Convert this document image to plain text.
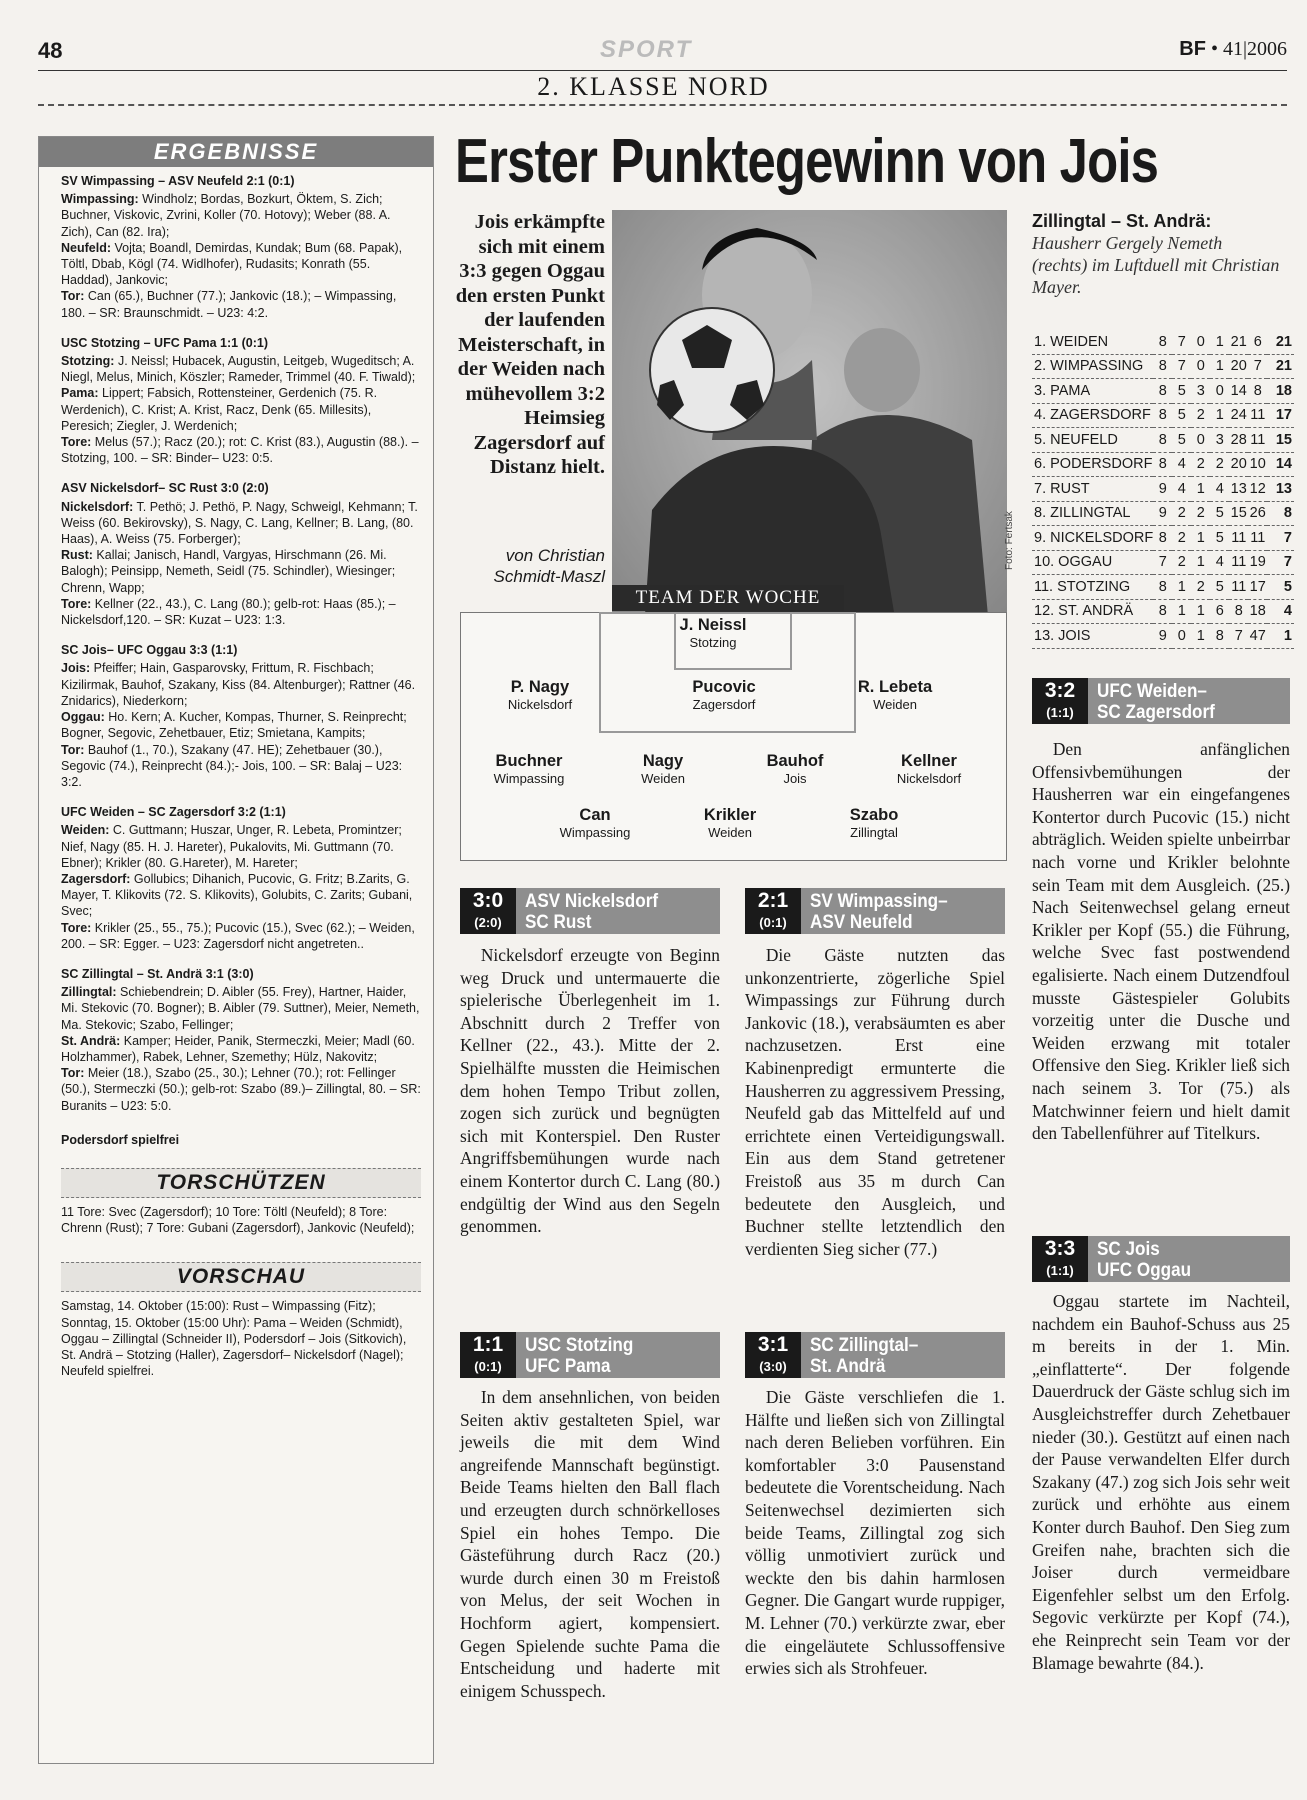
48	SPORT	BF • 41|2006
2. KLASSE NORD
ERGEBNISSE
SV Wimpassing – ASV Neufeld 2:1 (0:1)

Wimpassing: Windholz; Bordas, Bozkurt, Öktem, S. Zich; Buchner, Viskovic, Zvrini, Koller (70. Hotovy); Weber (88. A. Zich), Can (82. Ira);

Neufeld: Vojta; Boandl, Demirdas, Kundak; Bum (68. Papak), Töltl, Dbab, Kögl (74. Widlhofer), Rudasits; Konrath (55. Haddad), Jankovic;

Tor: Can (65.), Buchner (77.); Jankovic (18.); – Wimpassing, 180. – SR: Braunschmidt. – U23: 4:2.

USC Stotzing – UFC Pama 1:1 (0:1)

Stotzing: J. Neissl; Hubacek, Augustin, Leitgeb, Wugeditsch; A. Niegl, Melus, Minich, Köszler; Rameder, Trimmel (40. F. Tiwald);

Pama: Lippert; Fabsich, Rottensteiner, Gerdenich (75. R. Werdenich), C. Krist; A. Krist, Racz, Denk (65. Millesits), Peresich; Ziegler, J. Werdenich;

Tore: Melus (57.); Racz (20.); rot: C. Krist (83.), Augustin (88.). – Stotzing, 100. – SR: Binder– U23: 0:5.

ASV Nickelsdorf– SC Rust 3:0 (2:0)

Nickelsdorf: T. Pethö; J. Pethö, P. Nagy, Schweigl, Kehmann; T. Weiss (60. Bekirovsky), S. Nagy, C. Lang, Kellner; B. Lang, (80. Haas), A. Weiss (75. Forberger);

Rust: Kallai; Janisch, Handl, Vargyas, Hirschmann (26. Mi. Balogh); Peinsipp, Nemeth, Seidl (75. Schindler), Wiesinger; Chrenn, Wapp;

Tore: Kellner (22., 43.), C. Lang (80.); gelb-rot: Haas (85.); – Nickelsdorf,120. – SR: Kuzat – U23: 1:3.

SC Jois– UFC Oggau 3:3 (1:1)

Jois: Pfeiffer; Hain, Gasparovsky, Frittum, R. Fischbach; Kizilirmak, Bauhof, Szakany, Kiss (84. Altenburger); Rattner (46. Znidarics), Niederkorn;

Oggau: Ho. Kern; A. Kucher, Kompas, Thurner, S. Reinprecht; Bogner, Segovic, Zehetbauer, Etiz; Smietana, Kampits;

Tor: Bauhof (1., 70.), Szakany (47. HE); Zehetbauer (30.), Segovic (74.), Reinprecht (84.);- Jois, 100. – SR: Balaj – U23: 3:2.

UFC Weiden – SC Zagersdorf 3:2 (1:1)

Weiden: C. Guttmann; Huszar, Unger, R. Lebeta, Promintzer; Nief, Nagy (85. H. J. Hareter), Pukalovits, Mi. Guttmann (70. Ebner); Krikler (80. G.Hareter), M. Hareter;

Zagersdorf: Gollubics; Dihanich, Pucovic, G. Fritz; B.Zarits, G. Mayer, T. Klikovits (72. S. Klikovits), Golubits, C. Zarits; Gubani, Svec;

Tore: Krikler (25., 55., 75.); Pucovic (15.), Svec (62.); – Weiden, 200. – SR: Egger. – U23: Zagersdorf nicht angetreten..

SC Zillingtal – St. Andrä 3:1 (3:0)

Zillingtal: Schiebendrein; D. Aibler (55. Frey), Hartner, Haider, Mi. Stekovic (70. Bogner); B. Aibler (79. Suttner), Meier, Nemeth, Ma. Stekovic; Szabo, Fellinger;

St. Andrä: Kamper; Heider, Panik, Stermeczki, Meier; Madl (60. Holzhammer), Rabek, Lehner, Szemethy; Hülz, Nakovitz;

Tor: Meier (18.), Szabo (25., 30.); Lehner (70.); rot: Fellinger (50.), Stermeczki (50.); gelb-rot: Szabo (89.)– Zillingtal, 80. – SR: Buranits – U23: 5:0.

Podersdorf spielfrei
TORSCHÜTZEN
11 Tore: Svec (Zagersdorf); 10 Tore: Töltl (Neufeld); 8 Tore: Chrenn (Rust); 7 Tore: Gubani (Zagersdorf), Jankovic (Neufeld);
VORSCHAU
Samstag, 14. Oktober (15:00): Rust – Wimpassing (Fitz); Sonntag, 15. Oktober (15:00 Uhr): Pama – Weiden (Schmidt), Oggau – Zillingtal (Schneider II), Podersdorf – Jois (Sitkovich), St. Andrä – Stotzing (Haller), Zagersdorf– Nickelsdorf (Nagel); Neufeld spielfrei.
Erster Punktegewinn von Jois
Jois erkämpfte sich mit einem 3:3 gegen Oggau den ersten Punkt der laufenden Meisterschaft, in der Weiden nach mühevollem 3:2 Heimsieg Zagersdorf auf Distanz hielt.
von Christian Schmidt-Maszl
Foto: Fertsak
Zillingtal – St. Andrä: Hausherr Gergely Nemeth (rechts) im Luftduell mit Christian Mayer.
1. WEIDEN	8	7	0	1	21	6	21
2. WIMPASSING	8	7	0	1	20	7	21
3. PAMA	8	5	3	0	14	8	18
4. ZAGERSDORF	8	5	2	1	24	11	17
5. NEUFELD	8	5	0	3	28	11	15
6. PODERSDORF	8	4	2	2	20	10	14
7. RUST	9	4	1	4	13	12	13
8. ZILLINGTAL	9	2	2	5	15	26	8
9. NICKELSDORF	8	2	1	5	11	11	7
10. OGGAU	7	2	1	4	11	19	7
11. STOTZING	8	1	2	5	11	17	5
12. ST. ANDRÄ	8	1	1	6	8	18	4
13. JOIS	9	0	1	8	7	47	1
TEAM DER WOCHE
J. Neissl
Stotzing
P. Nagy
Nickelsdorf
Pucovic
Zagersdorf
R. Lebeta
Weiden
Buchner
Wimpassing
Nagy
Weiden
Bauhof
Jois
Kellner
Nickelsdorf
Can
Wimpassing
Krikler
Weiden
Szabo
Zillingtal
3:0
(2:0)
ASV Nickelsdorf
SC Rust

Nickelsdorf erzeugte von Beginn weg Druck und untermauerte die spielerische Überlegenheit im 1. Abschnitt durch 2 Treffer von Kellner (22., 43.). Mitte der 2. Spielhälfte mussten die Heimischen dem hohen Tempo Tribut zollen, zogen sich zurück und begnügten sich mit Konterspiel. Den Ruster Angriffsbemühungen wurde nach einem Kontertor durch C. Lang (80.) endgültig der Wind aus den Segeln genommen.

1:1
(0:1)
USC Stotzing
UFC Pama

In dem ansehnlichen, von beiden Seiten aktiv gestalteten Spiel, war jeweils die mit dem Wind angreifende Mannschaft begünstigt. Beide Teams hielten den Ball flach und erzeugten durch schnörkelloses Spiel ein hohes Tempo. Die Gästeführung durch Racz (20.) wurde durch einen 30 m Freistoß von Melus, der seit Wochen in Hochform agiert, kompensiert. Gegen Spielende suchte Pama die Entscheidung und haderte mit einigem Schusspech.

2:1
(0:1)
SV Wimpassing–
ASV Neufeld

Die Gäste nutzten das unkonzentrierte, zögerliche Spiel Wimpassings zur Führung durch Jankovic (18.), verabsäumten es aber nachzusetzen. Erst eine Kabinenpredigt ermunterte die Hausherren zu aggressivem Pressing, Neufeld gab das Mittelfeld auf und errichtete einen Verteidigungswall. Ein aus dem Stand getretener Freistoß aus 35 m durch Can bedeutete den Ausgleich, und Buchner stellte letztendlich den verdienten Sieg sicher (77.)

3:1
(3:0)
SC Zillingtal–
St. Andrä

Die Gäste verschliefen die 1. Hälfte und ließen sich von Zillingtal nach deren Belieben vorführen. Ein komfortabler 3:0 Pausenstand bedeutete die Vorentscheidung. Nach Seitenwechsel dezimierten sich beide Teams, Zillingtal zog sich völlig unmotiviert zurück und weckte den bis dahin harmlosen Gegner. Die Gangart wurde ruppiger, M. Lehner (70.) verkürzte zwar, eber die eingeläutete Schlussoffensive erwies sich als Strohfeuer.

3:2
(1:1)
UFC Weiden–
SC Zagersdorf

Den anfänglichen Offensivbemühungen der Hausherren war ein eingefangenes Kontertor durch Pucovic (15.) nicht abträglich. Weiden spielte unbeirrbar nach vorne und Krikler belohnte sein Team mit dem Ausgleich. (25.) Nach Seitenwechsel gelang erneut Krikler per Kopf (55.) die Führung, welche Svec fast postwendend egalisierte. Nach einem Dutzendfoul musste Gästespieler Golubits vorzeitig unter die Dusche und Weiden erzwang mit totaler Offensive den Sieg. Krikler ließ sich nach seinem 3. Tor (75.) als Matchwinner feiern und hielt damit den Tabellenführer auf Titelkurs.

3:3
(1:1)
SC Jois
UFC Oggau

Oggau startete im Nachteil, nachdem ein Bauhof-Schuss aus 25 m bereits in der 1. Min. „einflatterte“. Der folgende Dauerdruck der Gäste schlug sich im Ausgleichstreffer durch Zehetbauer nieder (30.). Gestützt auf einen nach der Pause verwandelten Elfer durch Szakany (47.) zog sich Jois sehr weit zurück und erhöhte aus einem Konter durch Bauhof. Den Sieg zum Greifen nahe, brachten sich die Joiser durch vermeidbare Eigenfehler selbst um den Erfolg. Segovic verkürzte per Kopf (74.), ehe Reinprecht sein Team vor der Blamage bewahrte (84.).
